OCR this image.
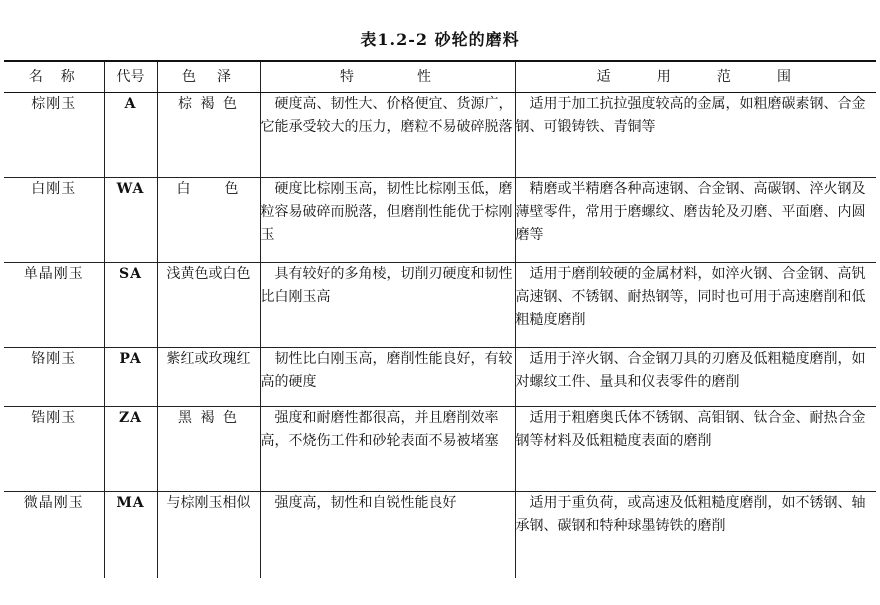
表1.2-2 砂轮的磨料
名 称	代号	色 泽	特 性	适 用 范 围

棕刚玉	A	棕 褐 色	硬度高、韧性大、价格便宜、货源广，它能承受较大的压力，磨粒不易破碎脱落	适用于加工抗拉强度较高的金属，如粗磨碳素钢、合金钢、可锻铸铁、青铜等
白刚玉	WA	白　　色	硬度比棕刚玉高，韧性比棕刚玉低，磨粒容易破碎而脱落，但磨削性能优于棕刚玉	精磨或半精磨各种高速钢、合金钢、高碳钢、淬火钢及薄壁零件，常用于磨螺纹、磨齿轮及刃磨、平面磨、内圆磨等
单晶刚玉	SA	浅黄色或白色	具有较好的多角棱，切削刃硬度和韧性比白刚玉高	适用于磨削较硬的金属材料，如淬火钢、合金钢、高钒高速钢、不锈钢、耐热钢等，同时也可用于高速磨削和低粗糙度磨削
铬刚玉	PA	紫红或玫瑰红	韧性比白刚玉高，磨削性能良好，有较高的硬度	适用于淬火钢、合金钢刀具的刃磨及低粗糙度磨削，如对螺纹工件、量具和仪表零件的磨削
锆刚玉	ZA	黑 褐 色	强度和耐磨性都很高，并且磨削效率高，不烧伤工件和砂轮表面不易被堵塞	适用于粗磨奥氏体不锈钢、高钼钢、钛合金、耐热合金钢等材料及低粗糙度表面的磨削
微晶刚玉	MA	与棕刚玉相似	强度高，韧性和自锐性能良好	适用于重负荷，或高速及低粗糙度磨削，如不锈钢、轴承钢、碳钢和特种球墨铸铁的磨削
